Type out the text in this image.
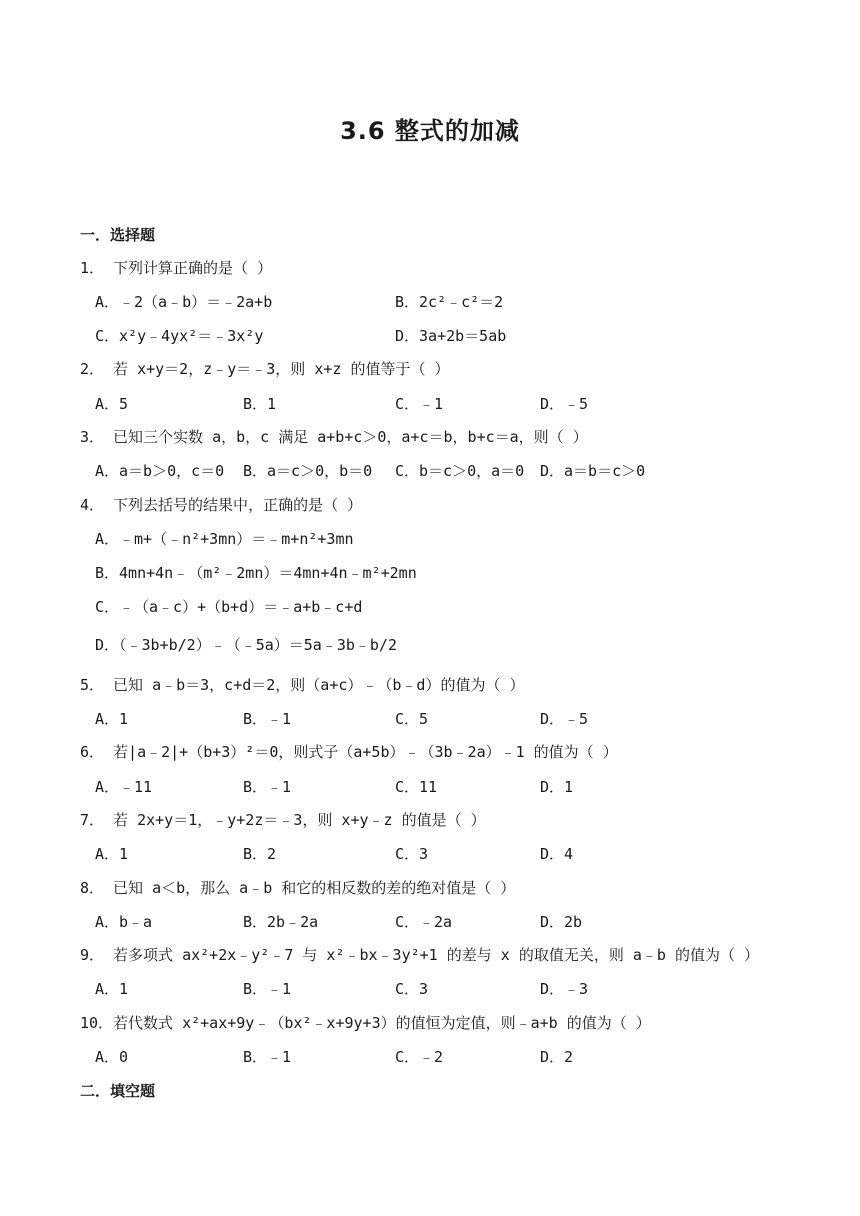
3.6 整式的加减
一．选择题
1． 下列计算正确的是（ ）
A．﹣2（a﹣b）＝﹣2a+b	B．2c²﹣c²＝2
C．x²y﹣4yx²＝﹣3x²y	D．3a+2b＝5ab
2． 若 x+y＝2，z﹣y＝﹣3，则 x+z 的值等于（ ）
A．5	B．1	C．﹣1	D．﹣5
3． 已知三个实数 a，b，c 满足 a+b+c＞0，a+c＝b，b+c＝a，则（ ）
A．a＝b＞0，c＝0 B．a＝c＞0，b＝0 C．b＝c＞0，a＝0 D．a＝b＝c＞0
4． 下列去括号的结果中，正确的是（ ）
A．﹣m+（﹣n²+3mn）＝﹣m+n²+3mn
B．4mn+4n﹣（m²﹣2mn）＝4mn+4n﹣m²+2mn
C．﹣（a﹣c）+（b+d）＝﹣a+b﹣c+d
D．（﹣3b+b/2）﹣（﹣5a）＝5a﹣3b﹣b/2
5． 已知 a﹣b＝3，c+d＝2，则（a+c）﹣（b﹣d）的值为（ ）
A．1	B．﹣1	C．5	D．﹣5
6． 若|a﹣2|+（b+3）²＝0，则式子（a+5b）﹣（3b﹣2a）﹣1 的值为（ ）
A．﹣11	B．﹣1	C．11	D．1
7． 若 2x+y＝1，﹣y+2z＝﹣3，则 x+y﹣z 的值是（ ）
A．1	B．2	C．3	D．4
8． 已知 a＜b，那么 a﹣b 和它的相反数的差的绝对值是（ ）
A．b﹣a	B．2b﹣2a	C．﹣2a	D．2b
9． 若多项式 ax²+2x﹣y²﹣7 与 x²﹣bx﹣3y²+1 的差与 x 的取值无关，则 a﹣b 的值为（ ）
A．1	B．﹣1	C．3	D．﹣3
10．若代数式 x²+ax+9y﹣（bx²﹣x+9y+3）的值恒为定值，则﹣a+b 的值为（ ）
A．0	B．﹣1	C．﹣2	D．2
二．填空题
